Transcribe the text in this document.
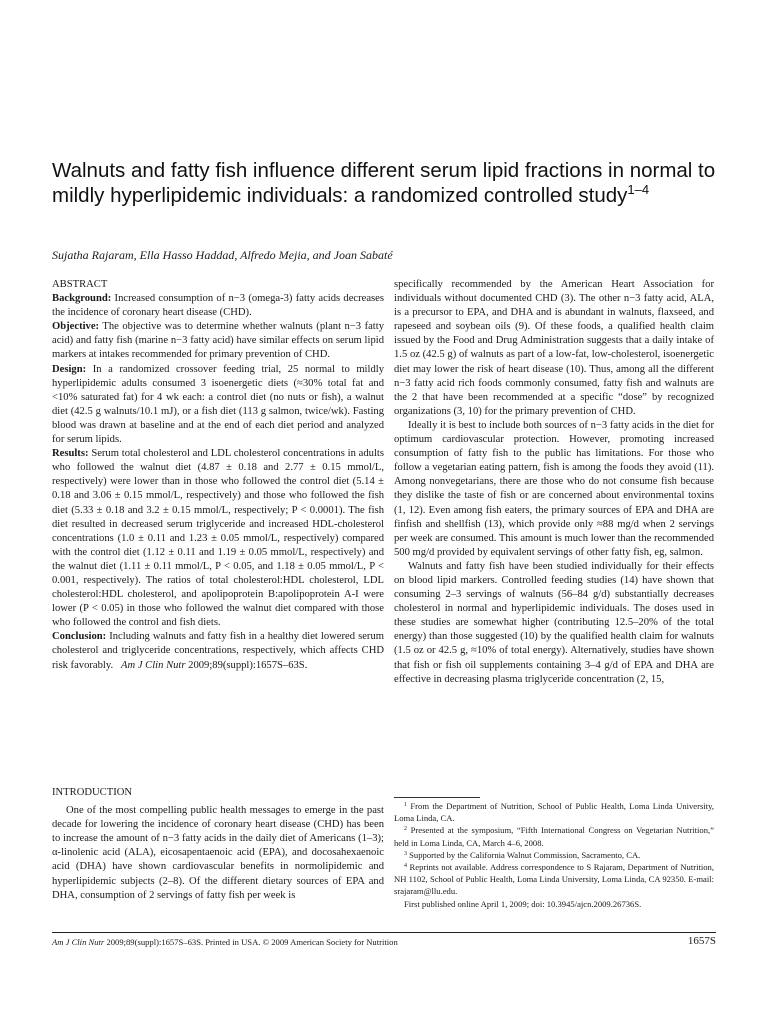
Walnuts and fatty fish influence different serum lipid fractions in normal to mildly hyperlipidemic individuals: a randomized controlled study$^{1-4}$
Sujatha Rajaram, Ella Hasso Haddad, Alfredo Mejia, and Joan Sabaté

ABSTRACT

Background: Increased consumption of n−3 (omega-3) fatty acids decreases the incidence of coronary heart disease (CHD).

Objective: The objective was to determine whether walnuts (plant n−3 fatty acid) and fatty fish (marine n−3 fatty acid) have similar effects on serum lipid markers at intakes recommended for primary prevention of CHD.

Design: In a randomized crossover feeding trial, 25 normal to mildly hyperlipidemic adults consumed 3 isoenergetic diets (≈30% total fat and <10% saturated fat) for 4 wk each: a control diet (no nuts or fish), a walnut diet (42.5 g walnuts/10.1 mJ), or a fish diet (113 g salmon, twice/wk). Fasting blood was drawn at baseline and at the end of each diet period and analyzed for serum lipids.

Results: Serum total cholesterol and LDL cholesterol concentrations in adults who followed the walnut diet (4.87 ± 0.18 and 2.77 ± 0.15 mmol/L, respectively) were lower than in those who followed the control diet (5.14 ± 0.18 and 3.06 ± 0.15 mmol/L, respectively) and those who followed the fish diet (5.33 ± 0.18 and 3.2 ± 0.15 mmol/L, respectively; P < 0.0001). The fish diet resulted in decreased serum triglyceride and increased HDL-cholesterol concentrations (1.0 ± 0.11 and 1.23 ± 0.05 mmol/L, respectively) compared with the control diet (1.12 ± 0.11 and 1.19 ± 0.05 mmol/L, respectively) and the walnut diet (1.11 ± 0.11 mmol/L, P < 0.05, and 1.18 ± 0.05 mmol/L, P < 0.001, respectively). The ratios of total cholesterol:HDL cholesterol, LDL cholesterol:HDL cholesterol, and apolipoprotein B:apolipoprotein A-I were lower (P < 0.05) in those who followed the walnut diet compared with those who followed the control and fish diets.

Conclusion: Including walnuts and fatty fish in a healthy diet lowered serum cholesterol and triglyceride concentrations, respectively, which affects CHD risk favorably. Am J Clin Nutr 2009;89(suppl):1657S–63S.

INTRODUCTION

One of the most compelling public health messages to emerge in the past decade for lowering the incidence of coronary heart disease (CHD) has been to increase the amount of n−3 fatty acids in the daily diet of Americans (1–3); α-linolenic acid (ALA), eicosapentaenoic acid (EPA), and docosahexaenoic acid (DHA) have shown cardiovascular benefits in normolipidemic and hyperlipidemic subjects (2–8). Of the different dietary sources of EPA and DHA, consumption of 2 servings of fatty fish per week is

specifically recommended by the American Heart Association for individuals without documented CHD (3). The other n−3 fatty acid, ALA, is a precursor to EPA, and DHA and is abundant in walnuts, flaxseed, and rapeseed and soybean oils (9). Of these foods, a qualified health claim issued by the Food and Drug Administration suggests that a daily intake of 1.5 oz (42.5 g) of walnuts as part of a low-fat, low-cholesterol, isoenergetic diet may lower the risk of heart disease (10). Thus, among all the different n−3 fatty acid rich foods commonly consumed, fatty fish and walnuts are the 2 that have been recommended at a specific “dose” by recognized organizations (3, 10) for the primary prevention of CHD.

Ideally it is best to include both sources of n−3 fatty acids in the diet for optimum cardiovascular protection. However, promoting increased consumption of fatty fish to the public has limitations. For those who follow a vegetarian eating pattern, fish is among the foods they avoid (11). Among nonvegetarians, there are those who do not consume fish because they dislike the taste of fish or are concerned about environmental toxins (1, 12). Even among fish eaters, the primary sources of EPA and DHA are finfish and shellfish (13), which provide only ≈88 mg/d when 2 servings per week are consumed. This amount is much lower than the recommended 500 mg/d provided by equivalent servings of other fatty fish, eg, salmon.

Walnuts and fatty fish have been studied individually for their effects on blood lipid markers. Controlled feeding studies (14) have shown that consuming 2–3 servings of walnuts (56–84 g/d) substantially decreases cholesterol in normal and hyperlipidemic individuals. The doses used in these studies are somewhat higher (contributing 12.5–20% of the total energy) than those suggested (10) by the qualified health claim for walnuts (1.5 oz or 42.5 g, ≈10% of total energy). Alternatively, studies have shown that fish or fish oil supplements containing 3–4 g/d of EPA and DHA are effective in decreasing plasma triglyceride concentration (2, 15,

$^1$ From the Department of Nutrition, School of Public Health, Loma Linda University, Loma Linda, CA.

$^2$ Presented at the symposium, “Fifth International Congress on Vegetarian Nutrition,” held in Loma Linda, CA, March 4–6, 2008.

$^3$ Supported by the California Walnut Commission, Sacramento, CA.

$^4$ Reprints not available. Address correspondence to S Rajaram, Department of Nutrition, NH 1102, School of Public Health, Loma Linda University, Loma Linda, CA 92350. E-mail: srajaram@llu.edu.

First published online April 1, 2009; doi: 10.3945/ajcn.2009.26736S.

Am J Clin Nutr 2009;89(suppl):1657S–63S. Printed in USA. © 2009 American Society for Nutrition	1657S
